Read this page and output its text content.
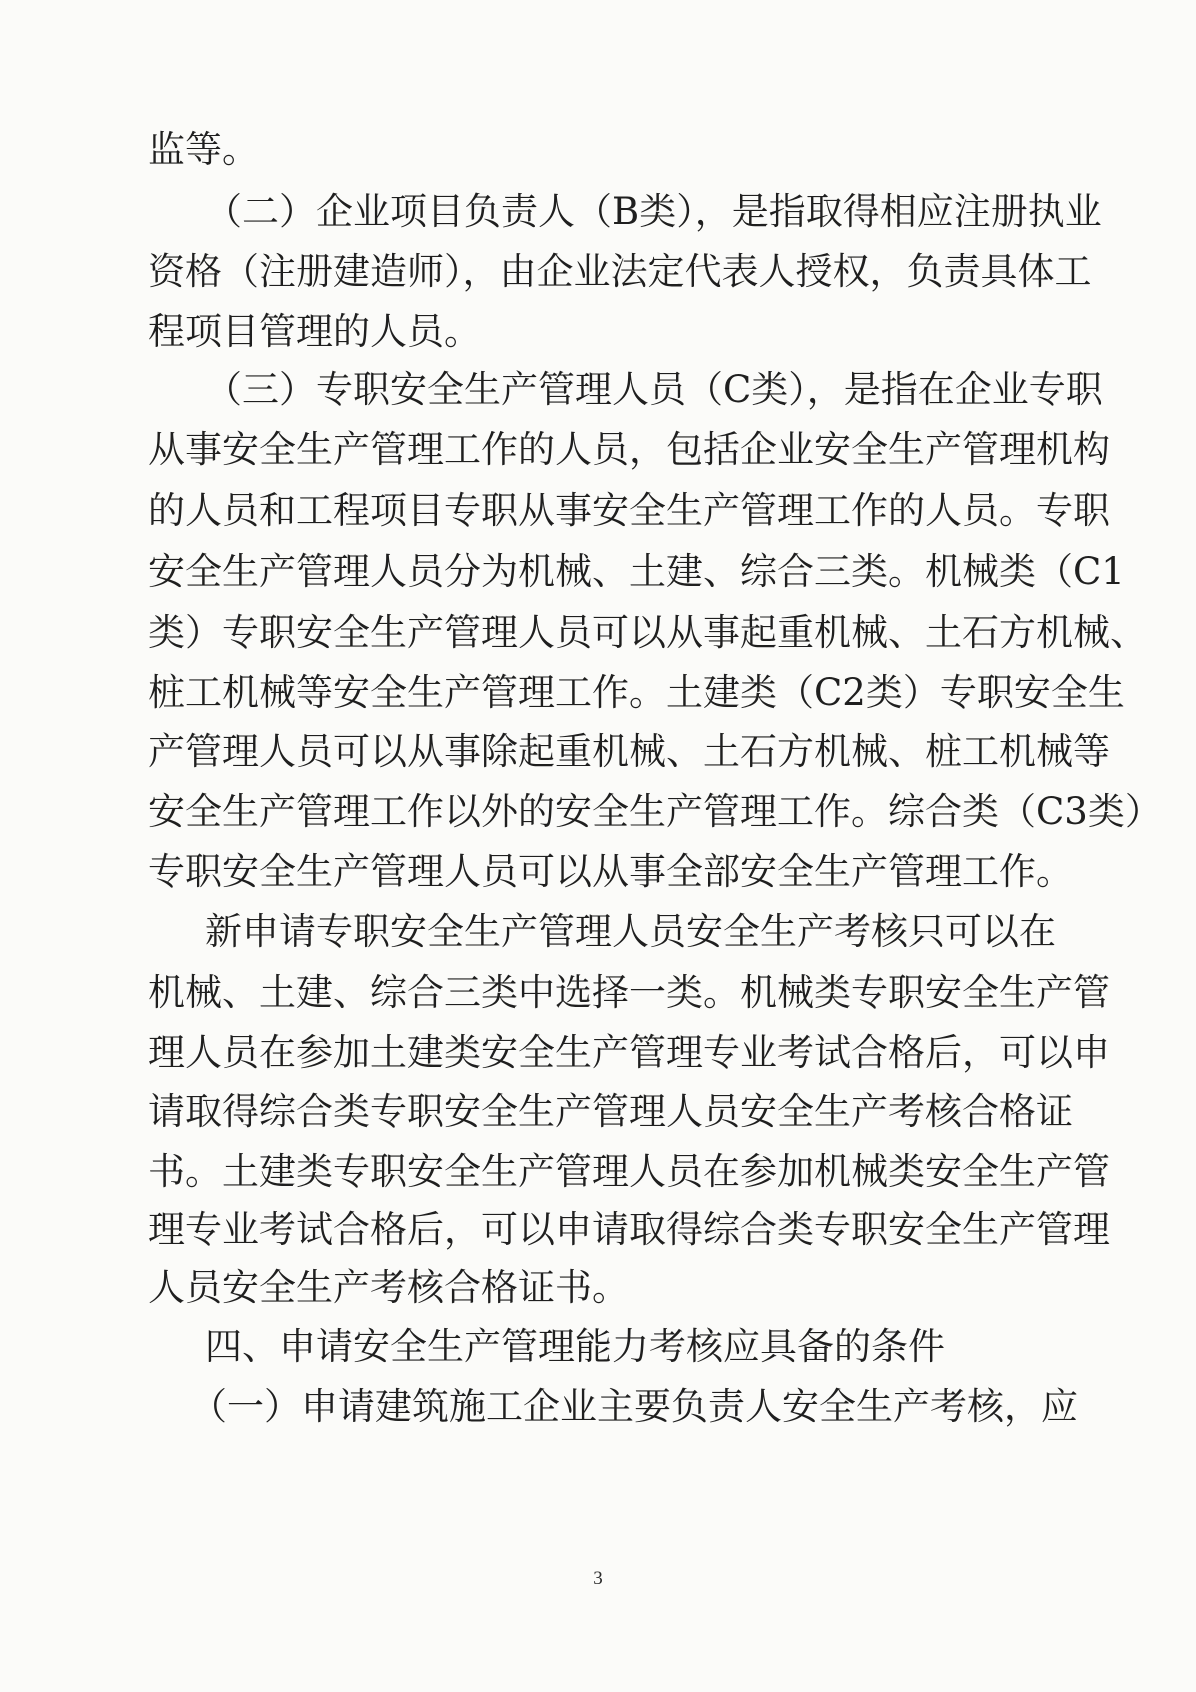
监等。
（二）企业项目负责人（B类），是指取得相应注册执业
资格（注册建造师），由企业法定代表人授权，负责具体工
程项目管理的人员。
（三）专职安全生产管理人员（C类），是指在企业专职
从事安全生产管理工作的人员，包括企业安全生产管理机构
的人员和工程项目专职从事安全生产管理工作的人员。专职
安全生产管理人员分为机械、土建、综合三类。机械类（C1
类）专职安全生产管理人员可以从事起重机械、土石方机械、
桩工机械等安全生产管理工作。土建类（C2类）专职安全生
产管理人员可以从事除起重机械、土石方机械、桩工机械等
安全生产管理工作以外的安全生产管理工作。综合类（C3类）
专职安全生产管理人员可以从事全部安全生产管理工作。
新申请专职安全生产管理人员安全生产考核只可以在
机械、土建、综合三类中选择一类。机械类专职安全生产管
理人员在参加土建类安全生产管理专业考试合格后，可以申
请取得综合类专职安全生产管理人员安全生产考核合格证
书。土建类专职安全生产管理人员在参加机械类安全生产管
理专业考试合格后，可以申请取得综合类专职安全生产管理
人员安全生产考核合格证书。
四、申请安全生产管理能力考核应具备的条件
（一）申请建筑施工企业主要负责人安全生产考核，应
3
